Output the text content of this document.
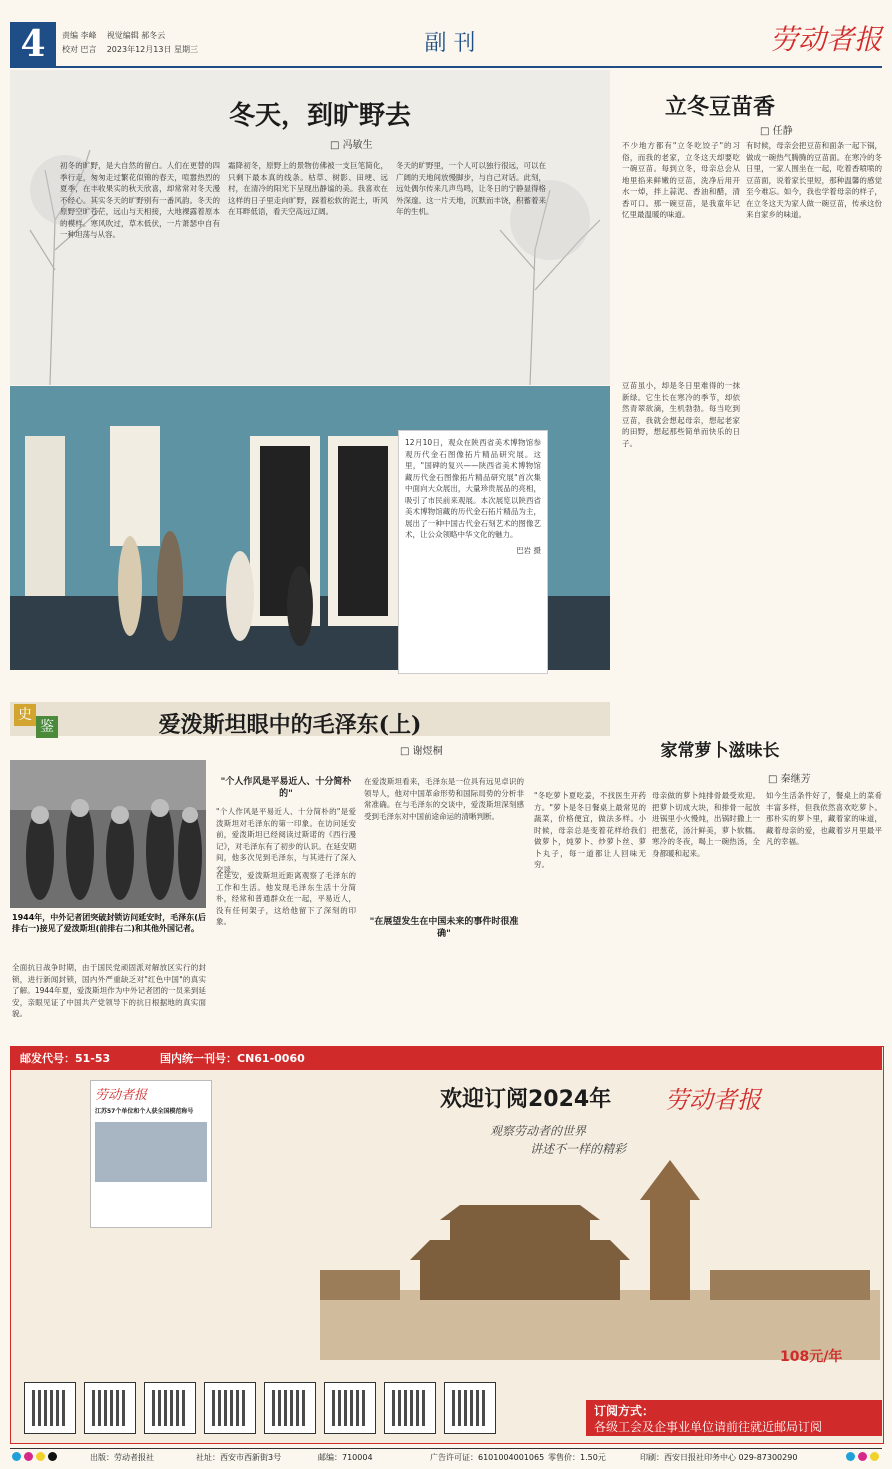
4	责编 李峰 视觉编辑 郝冬云
校对 巴言 2023年12月13日 星期三	副 刊	劳动者报
冬天，到旷野去
□ 冯敏生
初冬的旷野，是大自然的留白。人们在更替的四季行走，匆匆走过繁花似锦的春天，喧嚣热烈的夏季，在丰收果实的秋天欣喜，却常常对冬天漫不经心。其实冬天的旷野别有一番风韵。冬天的原野空旷苍茫，远山与天相接，大地裸露着原本的模样。寒风吹过，草木低伏，一片萧瑟中自有一种坦荡与从容。
霜降初冬，原野上的景物仿佛被一支巨笔简化，只剩下最本真的线条。枯草、树影、田埂、远村，在清冷的阳光下呈现出静谧的美。我喜欢在这样的日子里走向旷野，踩着松软的泥土，听风在耳畔低语，看天空高远辽阔。
冬天的旷野里，一个人可以独行很远，可以在广阔的天地间放慢脚步，与自己对话。此刻，远处偶尔传来几声鸟鸣，让冬日的宁静显得格外深邃。这一片天地，沉默而丰饶，积蓄着来年的生机。
12月10日，观众在陕西省美术博物馆参观历代金石图像拓片精品研究展。这里，"国碑的复兴——陕西省美术博物馆藏历代金石图像拓片精品研究展"首次集中面向大众展出，大量珍贵展品的亮相，吸引了市民前来观展。本次展览以陕西省美术博物馆藏的历代金石拓片精品为主，展出了一种中国古代金石刻艺术的图像艺术，让公众领略中华文化的魅力。
巴岩 摄
史
鉴	爱泼斯坦眼中的毛泽东(上)
□ 谢煜桐
1944年，中外记者团突破封锁访问延安时，毛泽东(后排右一)接见了爱泼斯坦(前排右二)和其他外国记者。
全面抗日战争时期，由于国民党顽固派对解放区实行的封锁，进行新闻封锁，国内外严重缺乏对"红色中国"的真实了解。1944年夏，爱泼斯坦作为中外记者团的一员来到延安，亲眼见证了中国共产党领导下的抗日根据地的真实面貌。
"个人作风是平易近人、十分简朴的"
"个人作风是平易近人、十分简朴的"是爱泼斯坦对毛泽东的第一印象。在访问延安前，爱泼斯坦已经阅读过斯诺的《西行漫记》，对毛泽东有了初步的认识。在延安期间，他多次见到毛泽东，与其进行了深入交谈。
在延安，爱泼斯坦近距离观察了毛泽东的工作和生活。他发现毛泽东生活十分简朴，经常和普通群众在一起，平易近人，没有任何架子，这给他留下了深刻的印象。
在爱泼斯坦看来，毛泽东是一位具有远见卓识的领导人，他对中国革命形势和国际局势的分析非常准确。在与毛泽东的交谈中，爱泼斯坦深刻感受到毛泽东对中国前途命运的清晰判断。
"在展望发生在中国未来的事件时很准确"
立冬豆苗香
□ 任静
不少地方都有"立冬吃饺子"的习俗，而我的老家，立冬这天却要吃一碗豆苗。每到立冬，母亲总会从地里掐来鲜嫩的豆苗，洗净后用开水一焯，拌上蒜泥、香油和醋，清香可口。那一碗豆苗，是我童年记忆里最温暖的味道。
有时候，母亲会把豆苗和面条一起下锅，做成一碗热气腾腾的豆苗面。在寒冷的冬日里，一家人围坐在一起，吃着香喷喷的豆苗面，说着家长里短，那种温馨的感觉至今难忘。如今，我也学着母亲的样子，在立冬这天为家人做一碗豆苗，传承这份来自家乡的味道。
豆苗虽小，却是冬日里难得的一抹新绿。它生长在寒冷的季节，却依然青翠欲滴，生机勃勃。每当吃到豆苗，我就会想起母亲，想起老家的田野，想起那些简单而快乐的日子。
家常萝卜滋味长
□ 秦继芳
"冬吃萝卜夏吃姜，不找医生开药方。"萝卜是冬日餐桌上最常见的蔬菜，价格便宜，做法多样。小时候，母亲总是变着花样给我们做萝卜，炖萝卜、炒萝卜丝、萝卜丸子，每一道都让人回味无穷。
母亲做的萝卜炖排骨最受欢迎。把萝卜切成大块，和排骨一起放进锅里小火慢炖，出锅时撒上一把葱花，汤汁鲜美，萝卜软糯。寒冷的冬夜，喝上一碗热汤，全身都暖和起来。
如今生活条件好了，餐桌上的菜肴丰富多样，但我依然喜欢吃萝卜。那朴实的萝卜里，藏着家的味道，藏着母亲的爱，也藏着岁月里最平凡的幸福。
邮发代号：51-53	国内统一刊号：CN61-0060
欢迎订阅2024年	劳动者报
观察劳动者的世界
讲述不一样的精彩
劳动者报
江苏57个单位和个人获全国模范称号
108元/年
订阅方式：
各级工会及企事业单位请前往就近邮局订阅
出版：劳动者报社	社址：西安市西新街3号	邮编：710004	广告许可证：6101004001065 零售价：1.50元	印刷：西安日报社印务中心 029-87300290
